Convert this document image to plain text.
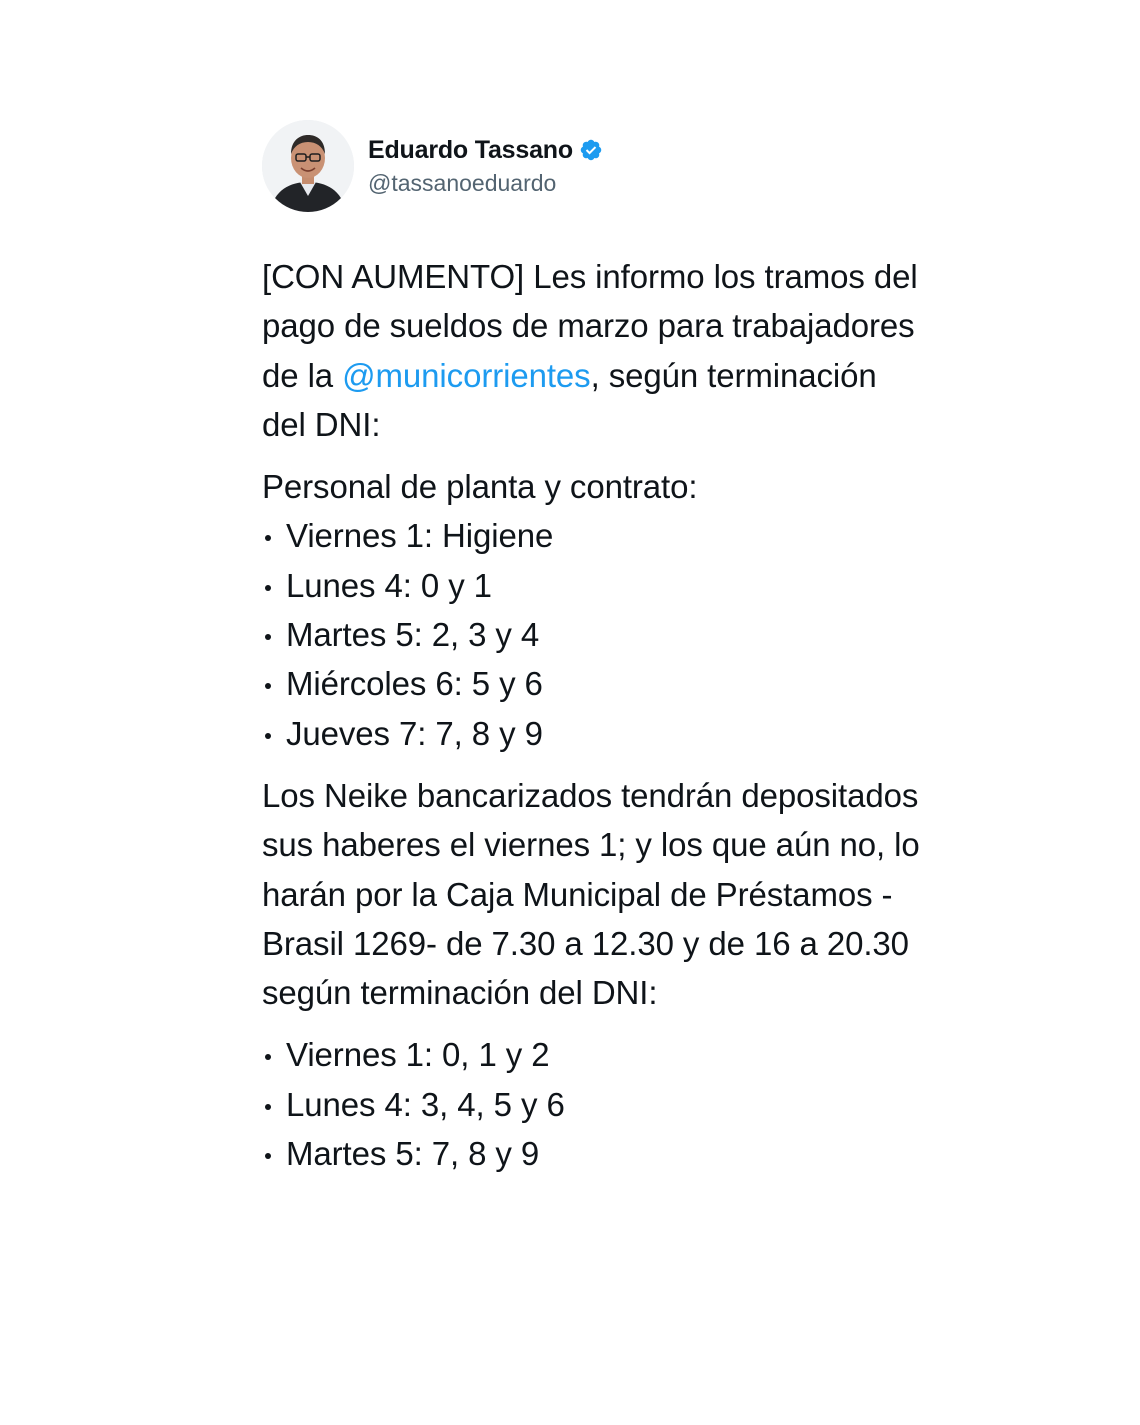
Eduardo Tassano
@tassanoeduardo

[CON AUMENTO] Les informo los tramos del pago de sueldos de marzo para trabajadores de la @municorrientes, según terminación del DNI:

Personal de planta y contrato:

Viernes 1: Higiene
Lunes 4: 0 y 1
Martes 5: 2, 3 y 4
Miércoles 6: 5 y 6
Jueves 7: 7, 8 y 9

Los Neike bancarizados tendrán depositados sus haberes el viernes 1; y los que aún no, lo harán por la Caja Municipal de Préstamos -Brasil 1269- de 7.30 a 12.30 y de 16 a 20.30 según terminación del DNI:

Viernes 1: 0, 1 y 2
Lunes 4: 3, 4, 5 y 6
Martes 5: 7, 8 y 9
